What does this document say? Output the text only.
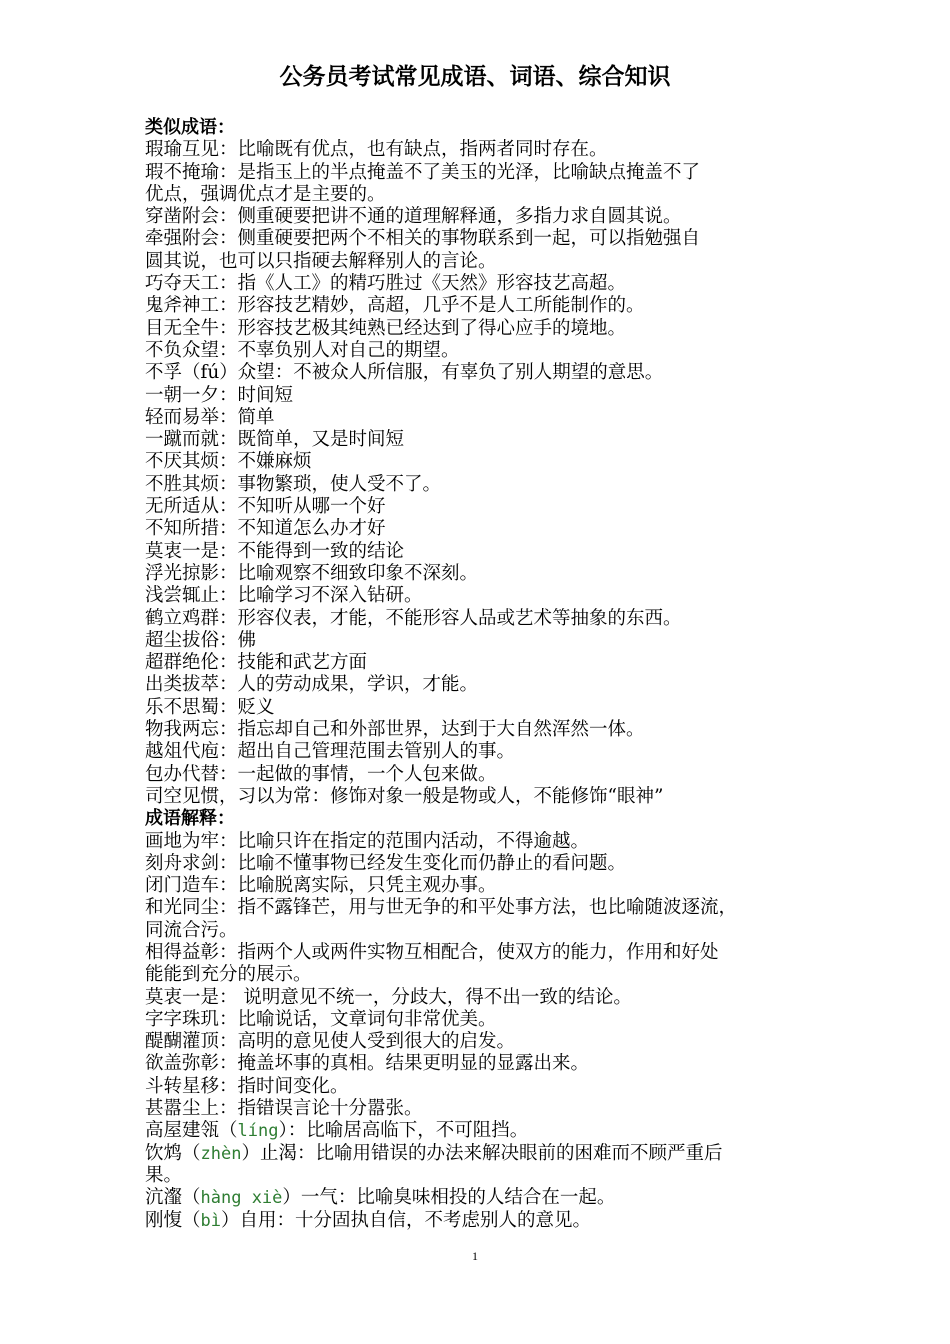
公务员考试常见成语、词语、综合知识
类似成语：
瑕瑜互见：比喻既有优点，也有缺点，指两者同时存在。
瑕不掩瑜：是指玉上的半点掩盖不了美玉的光泽，比喻缺点掩盖不了
优点，强调优点才是主要的。
穿凿附会：侧重硬要把讲不通的道理解释通，多指力求自圆其说。
牵强附会：侧重硬要把两个不相关的事物联系到一起，可以指勉强自
圆其说，也可以只指硬去解释别人的言论。
巧夺天工：指《人工》的精巧胜过《天然》形容技艺高超。
鬼斧神工：形容技艺精妙，高超，几乎不是人工所能制作的。
目无全牛：形容技艺极其纯熟已经达到了得心应手的境地。
不负众望：不辜负别人对自己的期望。
不孚（fú）众望：不被众人所信服，有辜负了别人期望的意思。
一朝一夕：时间短
轻而易举：简单
一蹴而就：既简单，又是时间短
不厌其烦：不嫌麻烦
不胜其烦：事物繁琐，使人受不了。
无所适从：不知听从哪一个好
不知所措：不知道怎么办才好
莫衷一是：不能得到一致的结论
浮光掠影：比喻观察不细致印象不深刻。
浅尝辄止：比喻学习不深入钻研。
鹤立鸡群：形容仪表，才能，不能形容人品或艺术等抽象的东西。
超尘拔俗：佛
超群绝伦：技能和武艺方面
出类拔萃：人的劳动成果，学识，才能。
乐不思蜀：贬义
物我两忘：指忘却自己和外部世界，达到于大自然浑然一体。
越俎代庖：超出自己管理范围去管别人的事。
包办代替：一起做的事情，一个人包来做。
司空见惯，习以为常：修饰对象一般是物或人，不能修饰“眼神”
成语解释：
画地为牢：比喻只许在指定的范围内活动，不得逾越。
刻舟求剑：比喻不懂事物已经发生变化而仍静止的看问题。
闭门造车：比喻脱离实际，只凭主观办事。
和光同尘：指不露锋芒，用与世无争的和平处事方法，也比喻随波逐流，
同流合污。
相得益彰：指两个人或两件实物互相配合，使双方的能力，作用和好处
能能到充分的展示。
莫衷一是： 说明意见不统一，分歧大，得不出一致的结论。
字字珠玑：比喻说话，文章词句非常优美。
醍醐灌顶：高明的意见使人受到很大的启发。
欲盖弥彰：掩盖坏事的真相。结果更明显的显露出来。
斗转星移：指时间变化。
甚嚣尘上：指错误言论十分嚣张。
高屋建瓴（líng）：比喻居高临下，不可阻挡。
饮鸩（zhèn）止渴：比喻用错误的办法来解决眼前的困难而不顾严重后
果。
沆瀣（hàng xiè）一气：比喻臭味相投的人结合在一起。
刚愎（bì）自用：十分固执自信，不考虑别人的意见。
1
